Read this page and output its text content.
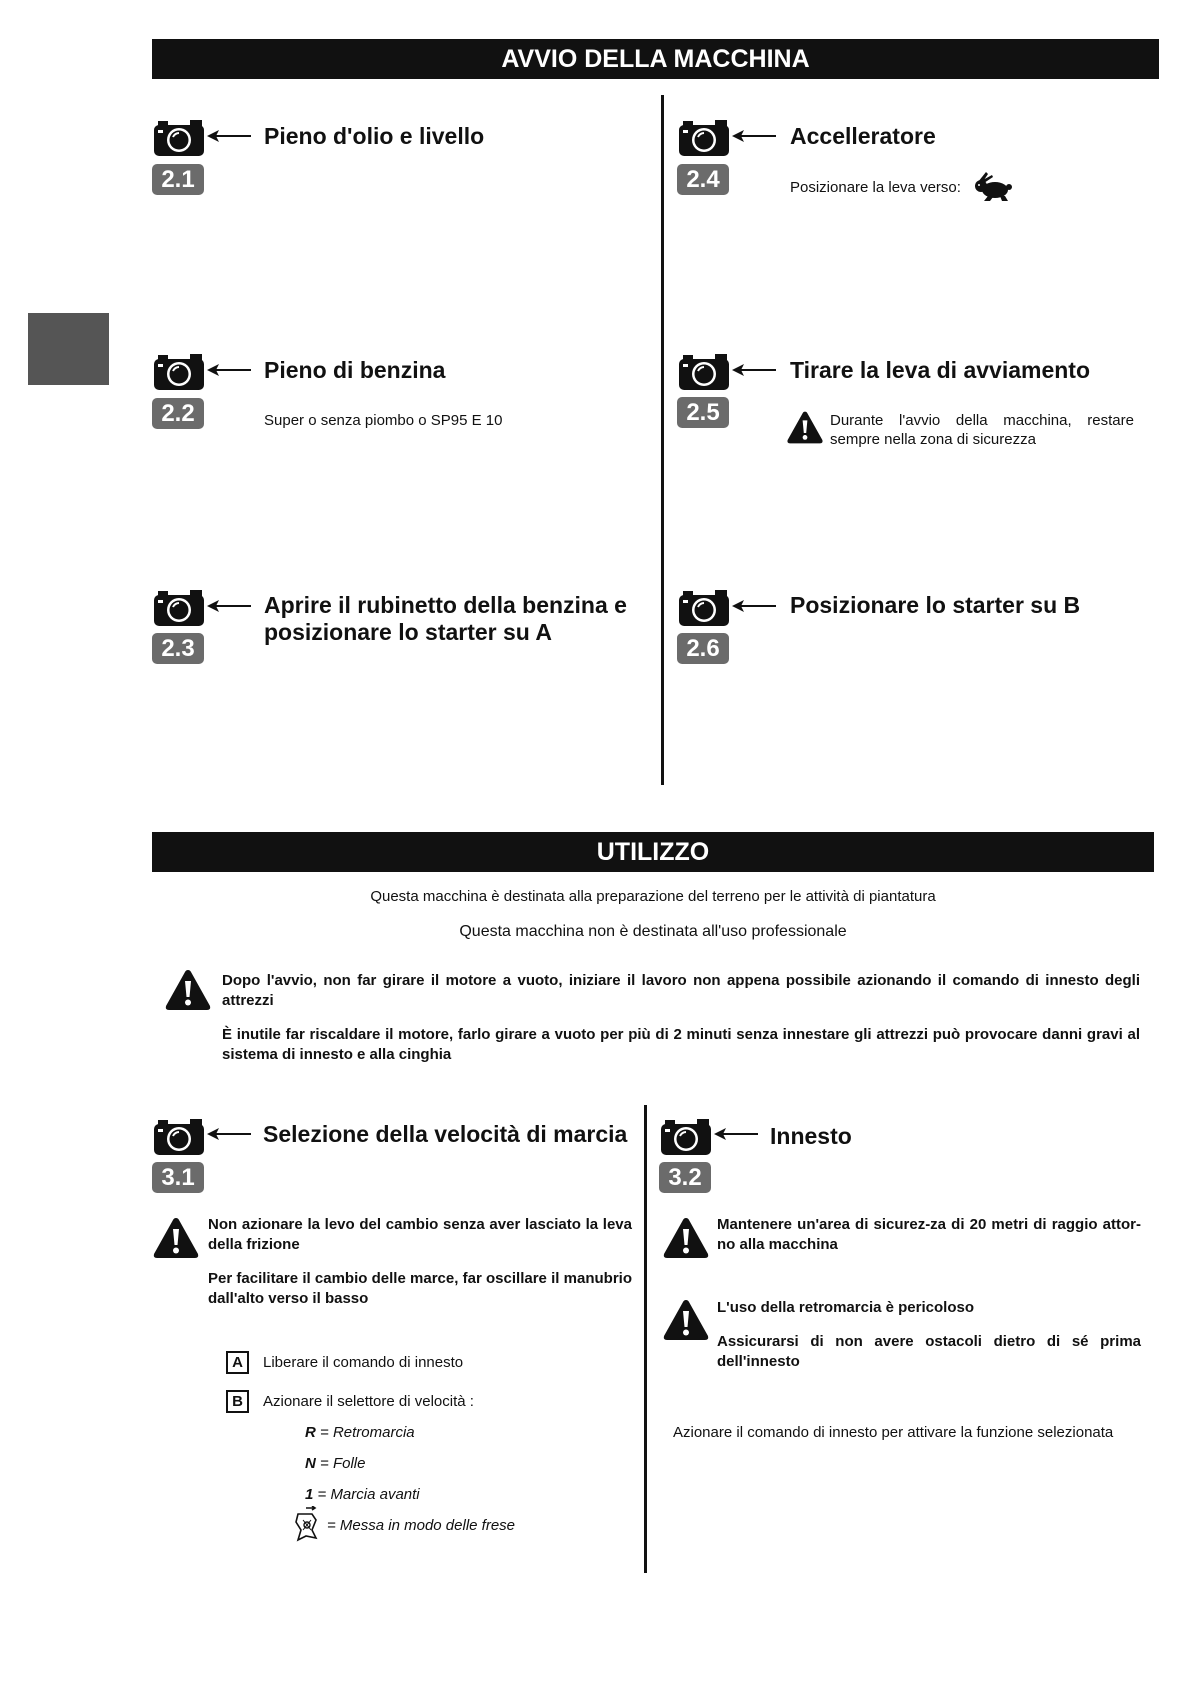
AVVIO DELLA MACCHINA
2.1
Pieno d'olio e livello
2.2
Pieno di benzina
Super o senza piombo o SP95 E 10
2.3
Aprire il rubinetto della benzina e
posizionare lo starter su A
2.4
Accelleratore
Posizionare la leva verso:
2.5
Tirare la leva di avviamento
Durante l'avvio della macchina, restare
sempre nella zona di sicurezza
2.6
Posizionare lo starter su B
UTILIZZO
Questa macchina è destinata alla preparazione del terreno per le attività di piantatura
Questa macchina non è destinata all'uso professionale
Dopo l'avvio, non far girare il motore a vuoto, iniziare il lavoro non appena possibile azionando il comando di innesto degli attrezzi
È inutile far riscaldare il motore, farlo girare a vuoto per più di 2 minuti senza innestare gli attrezzi può provocare danni gravi al sistema di innesto e alla cinghia
3.1
Selezione della velocità di marcia
Non azionare la levo del cambio senza aver lasciato la leva della frizione
Per facilitare il cambio delle marce, far oscillare il manubrio dall'alto verso il basso
A	Liberare il comando di innesto
B	Azionare il selettore di velocità :
R = Retromarcia
N = Folle
1 = Marcia avanti
= Messa in modo delle frese
3.2
Innesto
Mantenere un'area di sicurez-za di 20 metri di raggio attor-no alla macchina
L'uso della retromarcia è pericoloso
Assicurarsi di non avere ostacoli dietro di sé prima dell'innesto
Azionare il comando di innesto per attivare la funzione selezionata
